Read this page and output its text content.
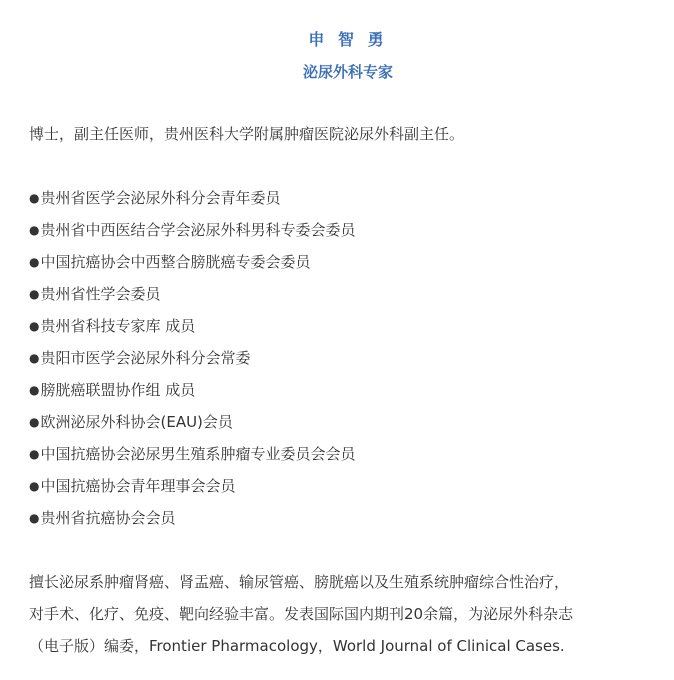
申 智 勇
泌尿外科专家
博士，副主任医师，贵州医科大学附属肿瘤医院泌尿外科副主任。
●贵州省医学会泌尿外科分会青年委员
●贵州省中西医结合学会泌尿外科男科专委会委员
●中国抗癌协会中西整合膀胱癌专委会委员
●贵州省性学会委员
●贵州省科技专家库 成员
●贵阳市医学会泌尿外科分会常委
●膀胱癌联盟协作组 成员
●欧洲泌尿外科协会(EAU)会员
●中国抗癌协会泌尿男生殖系肿瘤专业委员会会员
●中国抗癌协会青年理事会会员
●贵州省抗癌协会会员

擅长泌尿系肿瘤肾癌、肾盂癌、输尿管癌、膀胱癌以及生殖系统肿瘤综合性治疗，

对手术、化疗、免疫、靶向经验丰富。发表国际国内期刊20余篇，为泌尿外科杂志

（电子版）编委，Frontier Pharmacology，World Journal of Clinical Cases.
